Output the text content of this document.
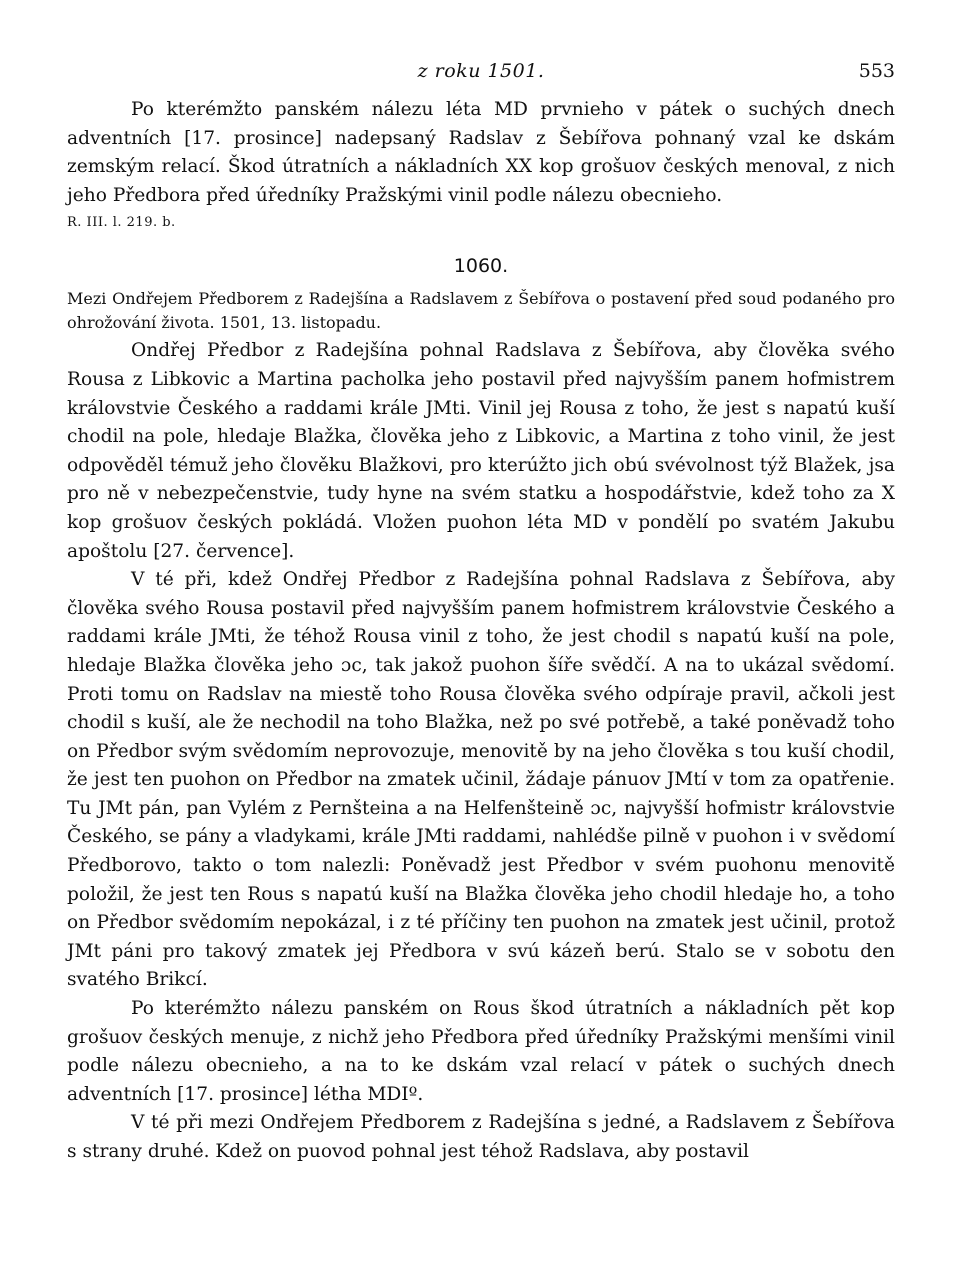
z roku 1501.	553

Po kterémžto panském nálezu léta MD prvnieho v pátek o suchých dnech adventních [17. prosince] nadepsaný Radslav z Šebířova pohnaný vzal ke dskám zemským relací. Škod útratních a nákladních XX kop grošuov českých menoval, z nich jeho Předbora před úředníky Pražskými vinil podle nálezu obecnieho.

R. III. l. 219. b.

1060.

Mezi Ondřejem Předborem z Radejšína a Radslavem z Šebířova o postavení před soud podaného pro ohrožování života. 1501, 13. listopadu.

Ondřej Předbor z Radejšína pohnal Radslava z Šebířova, aby člověka svého Rousa z Libkovic a Martina pacholka jeho postavil před najvyšším panem hofmistrem královstvie Českého a raddami krále JMti. Vinil jej Rousa z toho, že jest s napatú kuší chodil na pole, hledaje Blažka, člověka jeho z Libkovic, a Martina z toho vinil, že jest odpověděl témuž jeho člověku Blažkovi, pro kterúžto jich obú svévolnost týž Blažek, jsa pro ně v nebezpečenstvie, tudy hyne na svém statku a hospodářstvie, kdež toho za X kop grošuov českých pokládá. Vložen puohon léta MD v pondělí po svatém Jakubu apoštolu [27. července].

V té při, kdež Ondřej Předbor z Radejšína pohnal Radslava z Šebířova, aby člověka svého Rousa postavil před najvyšším panem hofmistrem královstvie Českého a raddami krále JMti, že téhož Rousa vinil z toho, že jest chodil s napatú kuší na pole, hledaje Blažka člověka jeho ɔc, tak jakož puohon šíře svědčí. A na to ukázal svědomí. Proti tomu on Radslav na miestě toho Rousa člověka svého odpíraje pravil, ačkoli jest chodil s kuší, ale že nechodil na toho Blažka, než po své potřebě, a také poněvadž toho on Předbor svým svědomím neprovozuje, menovitě by na jeho člověka s tou kuší chodil, že jest ten puohon on Předbor na zmatek učinil, žádaje pánuov JMtí v tom za opatřenie. Tu JMt pán, pan Vylém z Pernšteina a na Helfenšteině ɔc, najvyšší hofmistr královstvie Českého, se pány a vladykami, krále JMti raddami, nahlédše pilně v puohon i v svědomí Předborovo, takto o tom nalezli: Poněvadž jest Předbor v svém puohonu menovitě položil, že jest ten Rous s napatú kuší na Blažka člověka jeho chodil hledaje ho, a toho on Předbor svědomím nepokázal, i z té příčiny ten puohon na zmatek jest učinil, protož JMt páni pro takový zmatek jej Předbora v svú kázeň berú. Stalo se v sobotu den svatého Brikcí.

Po kterémžto nálezu panském on Rous škod útratních a nákladních pět kop grošuov českých menuje, z nichž jeho Předbora před úředníky Pražskými menšími vinil podle nálezu obecnieho, a na to ke dskám vzal relací v pátek o suchých dnech adventních [17. prosince] létha MDIº.

V té při mezi Ondřejem Předborem z Radejšína s jedné, a Radslavem z Šebířova s strany druhé. Kdež on puovod pohnal jest téhož Radslava, aby postavil
